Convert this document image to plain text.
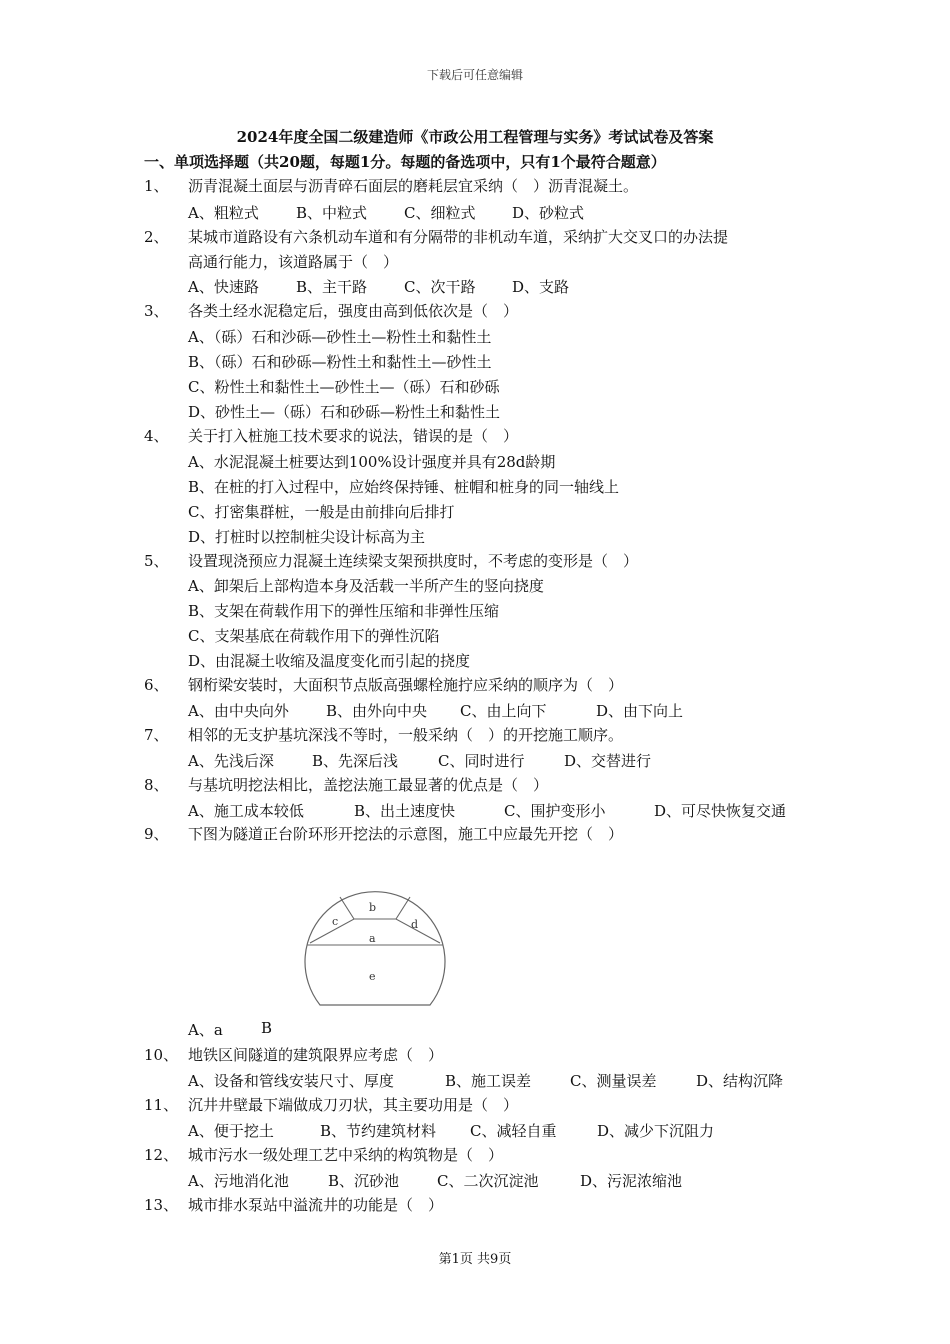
下载后可任意编辑
2024年度全国二级建造师《市政公用工程管理与实务》考试试卷及答案
一、单项选择题（共20题，每题1分。每题的备选项中，只有1个最符合题意）
1、 沥青混凝土面层与沥青碎石面层的磨耗层宜采纳（　）沥青混凝土。
A、粗粒式 B、中粒式 C、细粒式 D、砂粒式
2、 某城市道路设有六条机动车道和有分隔带的非机动车道，采纳扩大交叉口的办法提
高通行能力，该道路属于（　）
A、快速路 B、主干路 C、次干路 D、支路
3、 各类土经水泥稳定后，强度由高到低依次是（　）
A、（砾）石和沙砾—砂性土—粉性土和黏性土
B、（砾）石和砂砾—粉性土和黏性土—砂性土
C、粉性土和黏性土—砂性土—（砾）石和砂砾
D、砂性土—（砾）石和砂砾—粉性土和黏性土
4、 关于打入桩施工技术要求的说法，错误的是（　）
A、水泥混凝土桩要达到100%设计强度并具有28d龄期
B、在桩的打入过程中，应始终保持锤、桩帽和桩身的同一轴线上
C、打密集群桩，一般是由前排向后排打
D、打桩时以控制桩尖设计标高为主
5、 设置现浇预应力混凝土连续梁支架预拱度时，不考虑的变形是（　）
A、卸架后上部构造本身及活载一半所产生的竖向挠度
B、支架在荷载作用下的弹性压缩和非弹性压缩
C、支架基底在荷载作用下的弹性沉陷
D、由混凝土收缩及温度变化而引起的挠度
6、 钢桁梁安装时，大面积节点版高强螺栓施拧应采纳的顺序为（　）
A、由中央向外 B、由外向中央 C、由上向下	D、由下向上
7、 相邻的无支护基坑深浅不等时，一般采纳（　）的开挖施工顺序。
A、先浅后深	B、先深后浅	C、同时进行	D、交替进行
8、 与基坑明挖法相比，盖挖法施工最显著的优点是（　）
A、施工成本较低	B、出土速度快	C、围护变形小	D、可尽快恢复交通
9、 下图为隧道正台阶环形开挖法的示意图，施工中应最先开挖（　）
b
c	d
a
e
A、a	B
10、 地铁区间隧道的建筑限界应考虑（　）
A、设备和管线安装尺寸、厚度	B、施工误差	C、测量误差	D、结构沉降
11、 沉井井壁最下端做成刀刃状，其主要功用是（　）
A、便于挖土	B、节约建筑材料 C、减轻自重	D、减少下沉阻力
12、 城市污水一级处理工艺中采纳的构筑物是（　）
A、污地消化池	B、沉砂池	C、二次沉淀池	D、污泥浓缩池
13、 城市排水泵站中溢流井的功能是（　）
第1页 共9页
